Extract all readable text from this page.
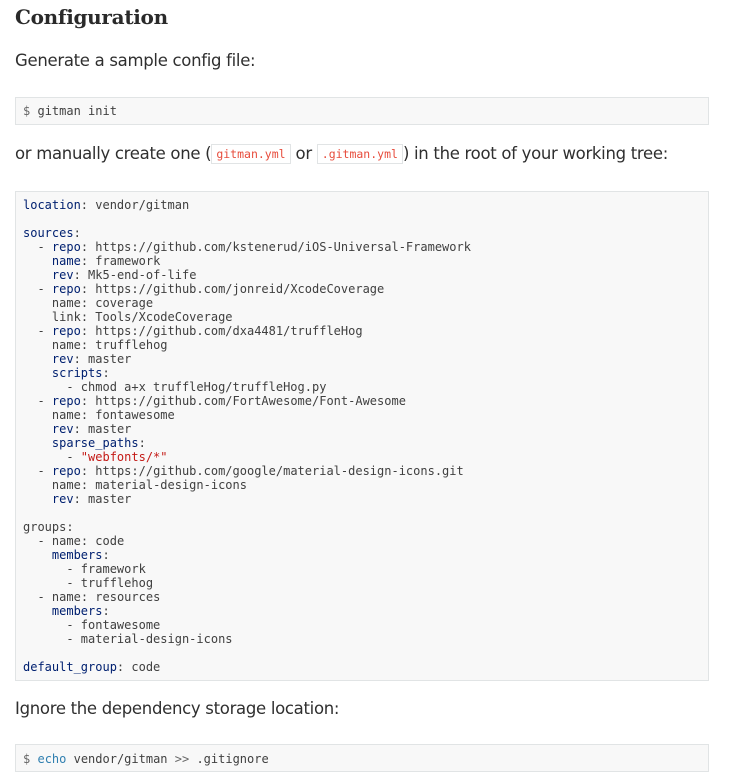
Configuration

Generate a sample config file:

$ gitman init

or manually create one ( gitman.yml or .gitman.yml ) in the root of your working tree:

location: vendor/gitman
sources:
- repo: https://github.com/kstenerud/iOS-Universal-Framework
name: framework
rev: Mk5-end-of-life
- repo: https://github.com/jonreid/XcodeCoverage
name: coverage
link: Tools/XcodeCoverage
- repo: https://github.com/dxa4481/truffleHog
name: trufflehog
rev: master
scripts:
- chmod a+x truffleHog/truffleHog.py
- repo: https://github.com/FortAwesome/Font-Awesome
name: fontawesome
rev: master
sparse_paths:
- "webfonts/*"
- repo: https://github.com/google/material-design-icons.git
name: material-design-icons
rev: master
groups:
- name: code
members:
- framework
- trufflehog
- name: resources
members:
- fontawesome
- material-design-icons
default_group: code

Ignore the dependency storage location:

$ echo vendor/gitman >> .gitignore
